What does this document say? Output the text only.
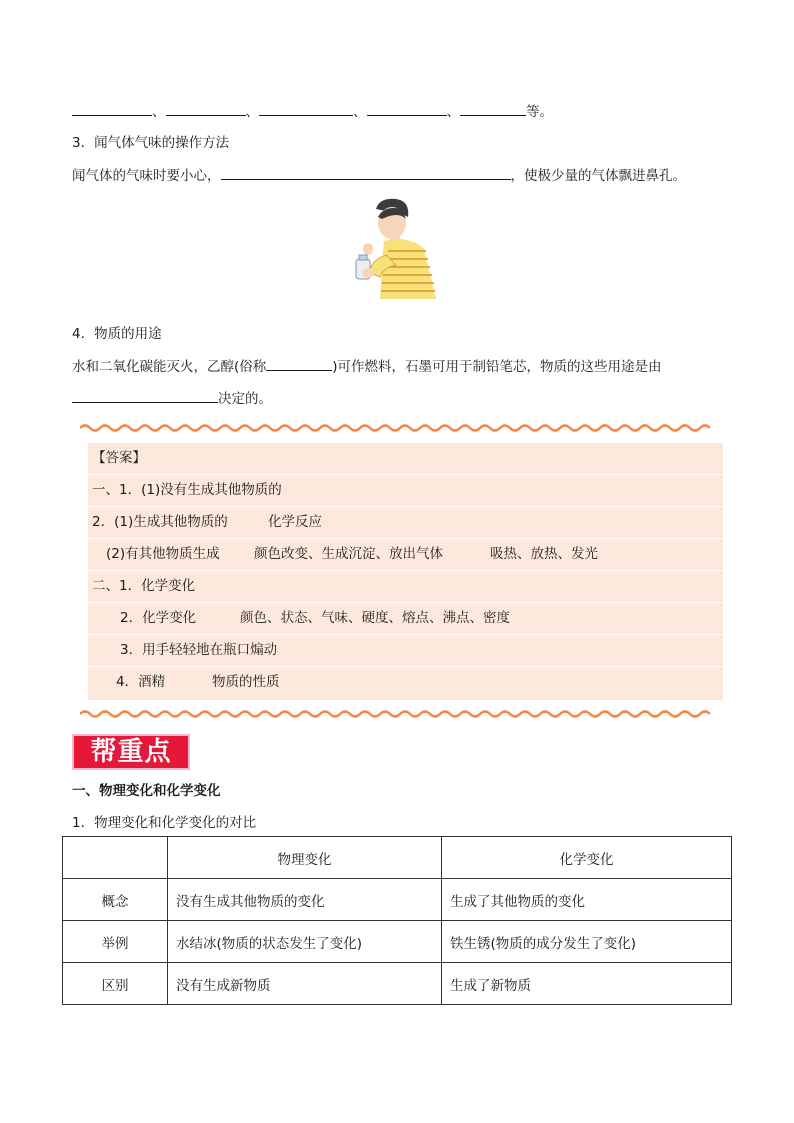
、	、	、	、	等。
3．闻气体气味的操作方法
闻气体的气味时要小心，	，使极少量的气体飘进鼻孔。
4．物质的用途
水和二氧化碳能灭火，乙醇(俗称	)可作燃料，石墨可用于制铅笔芯，物质的这些用途是由
决定的。
【答案】
一、1．(1)没有生成其他物质的
2．(1)生成其他物质的	化学反应
(2)有其他物质生成	颜色改变、生成沉淀、放出气体	吸热、放热、发光
二、1．化学变化
2．化学变化	颜色、状态、气味、硬度、熔点、沸点、密度
3．用手轻轻地在瓶口煽动
4．酒精	物质的性质
帮重点
一、物理变化和化学变化
1．物理变化和化学变化的对比
	物理变化	化学变化
概念	没有生成其他物质的变化	生成了其他物质的变化
举例	水结冰(物质的状态发生了变化)	铁生锈(物质的成分发生了变化)
区别	没有生成新物质	生成了新物质
